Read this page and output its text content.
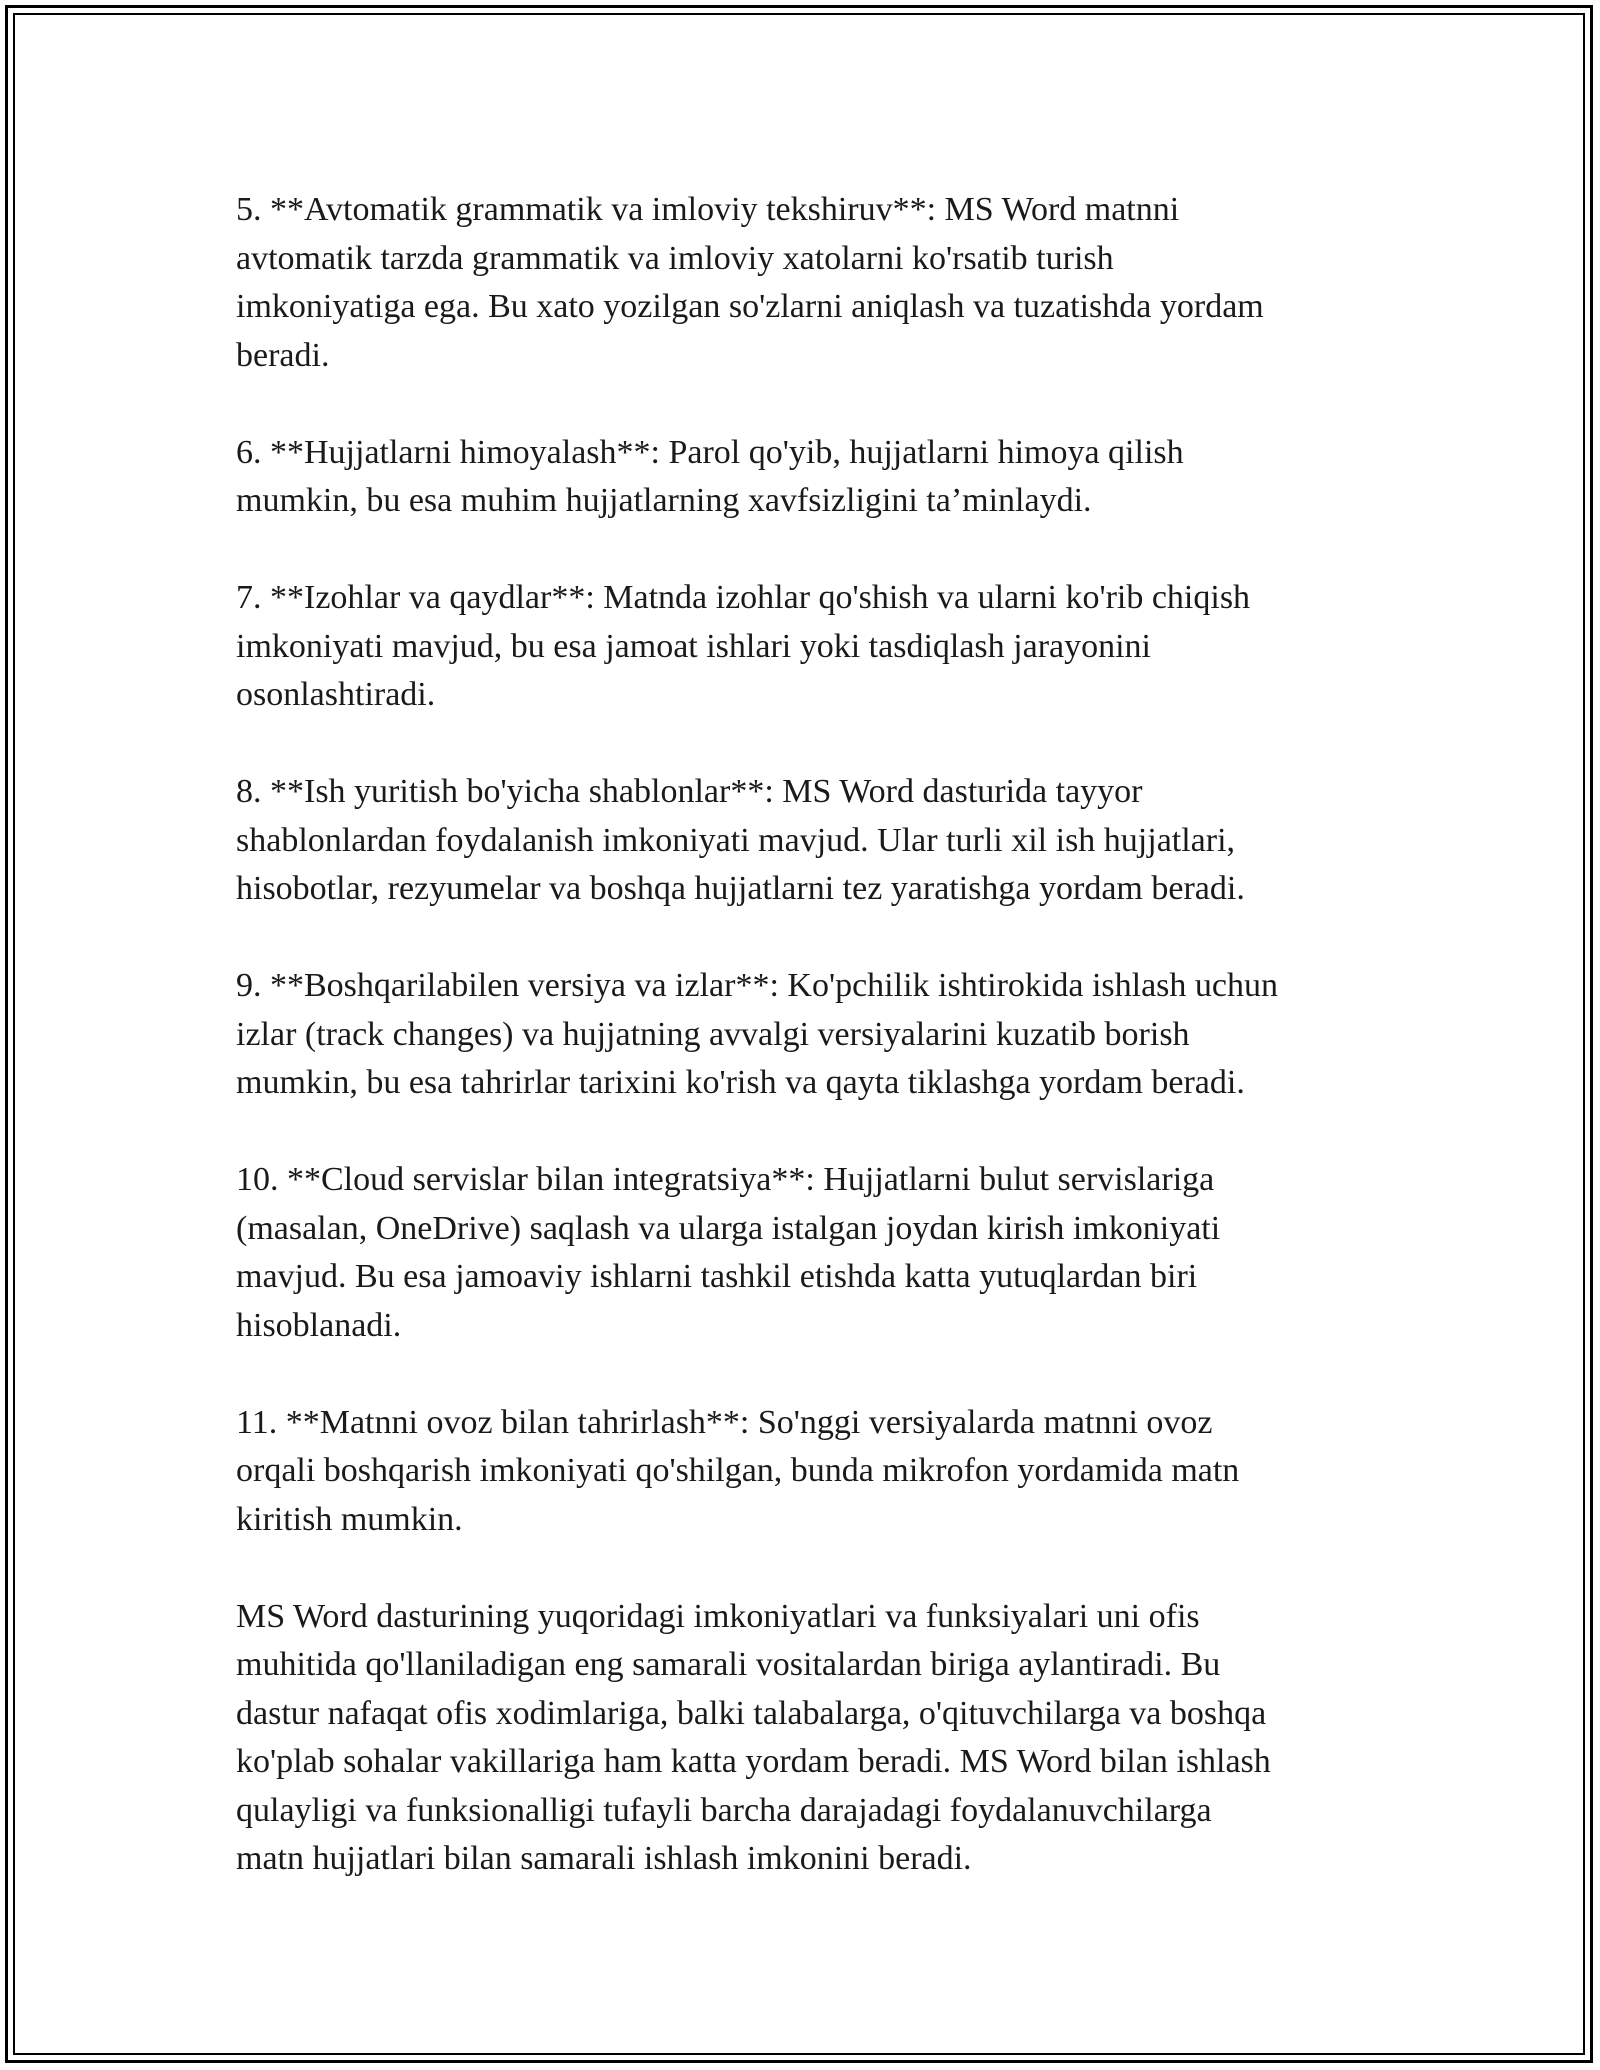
5. **Avtomatik grammatik va imloviy tekshiruv**: MS Word matnni
avtomatik tarzda grammatik va imloviy xatolarni ko'rsatib turish
imkoniyatiga ega. Bu xato yozilgan so'zlarni aniqlash va tuzatishda yordam
beradi.

6. **Hujjatlarni himoyalash**: Parol qo'yib, hujjatlarni himoya qilish
mumkin, bu esa muhim hujjatlarning xavfsizligini ta’minlaydi.

7. **Izohlar va qaydlar**: Matnda izohlar qo'shish va ularni ko'rib chiqish
imkoniyati mavjud, bu esa jamoat ishlari yoki tasdiqlash jarayonini
osonlashtiradi.

8. **Ish yuritish bo'yicha shablonlar**: MS Word dasturida tayyor
shablonlardan foydalanish imkoniyati mavjud. Ular turli xil ish hujjatlari,
hisobotlar, rezyumelar va boshqa hujjatlarni tez yaratishga yordam beradi.

9. **Boshqarilabilen versiya va izlar**: Ko'pchilik ishtirokida ishlash uchun
izlar (track changes) va hujjatning avvalgi versiyalarini kuzatib borish
mumkin, bu esa tahrirlar tarixini ko'rish va qayta tiklashga yordam beradi.

10. **Cloud servislar bilan integratsiya**: Hujjatlarni bulut servislariga
(masalan, OneDrive) saqlash va ularga istalgan joydan kirish imkoniyati
mavjud. Bu esa jamoaviy ishlarni tashkil etishda katta yutuqlardan biri
hisoblanadi.

11. **Matnni ovoz bilan tahrirlash**: So'nggi versiyalarda matnni ovoz
orqali boshqarish imkoniyati qo'shilgan, bunda mikrofon yordamida matn
kiritish mumkin.

MS Word dasturining yuqoridagi imkoniyatlari va funksiyalari uni ofis
muhitida qo'llaniladigan eng samarali vositalardan biriga aylantiradi. Bu
dastur nafaqat ofis xodimlariga, balki talabalarga, o'qituvchilarga va boshqa
ko'plab sohalar vakillariga ham katta yordam beradi. MS Word bilan ishlash
qulayligi va funksionalligi tufayli barcha darajadagi foydalanuvchilarga
matn hujjatlari bilan samarali ishlash imkonini beradi.
